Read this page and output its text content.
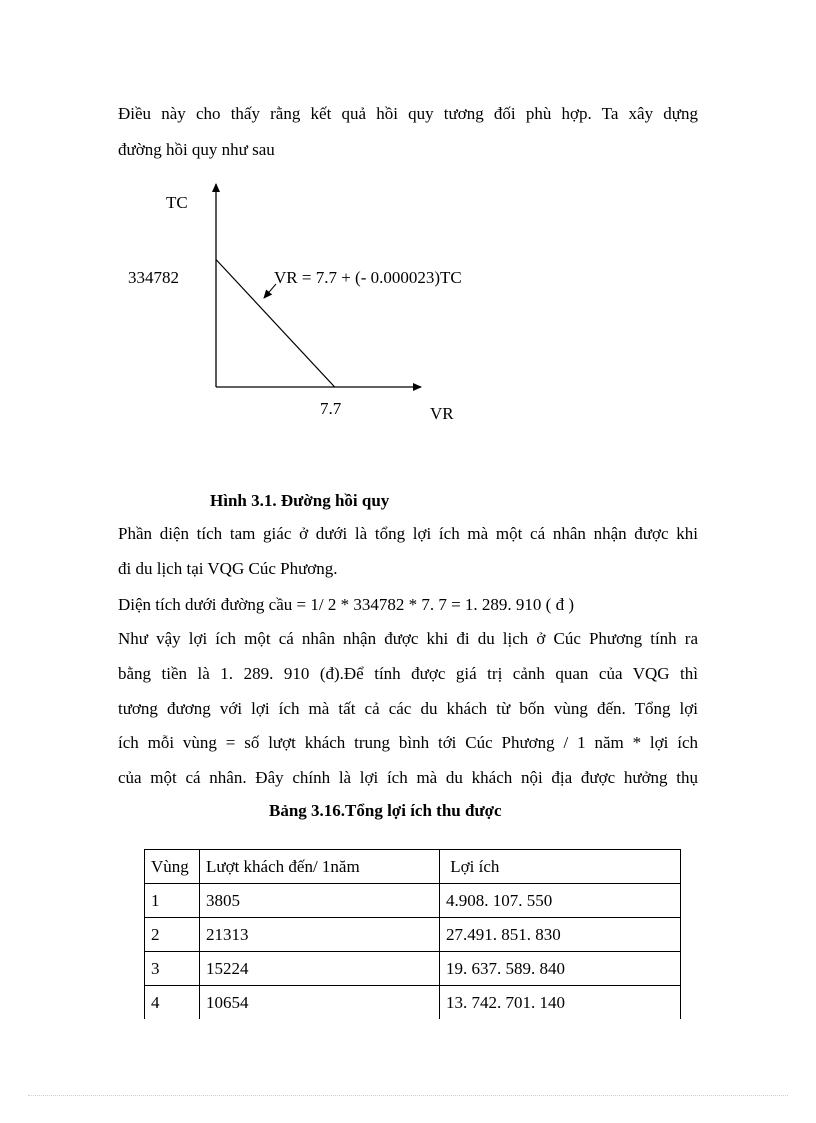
Điều này cho thấy rằng kết quả hồi quy tương đối phù hợp. Ta xây dựng
đường hồi quy như sau
TC
334782	VR = 7.7 + (- 0.000023)TC
7.7	VR
Hình 3.1. Đường hồi quy
Phần diện tích tam giác ở dưới là tổng lợi ích mà một cá nhân nhận được khi
đi du lịch tại VQG Cúc Phương.
Diện tích dưới đường cầu = 1/ 2 * 334782 * 7. 7 = 1. 289. 910 ( đ )
Như vậy lợi ích một cá nhân nhận được khi đi du lịch ở Cúc Phương tính ra
bằng tiền là 1. 289. 910 (đ).Để tính được giá trị cảnh quan của VQG thì
tương đương với lợi ích mà tất cả các du khách từ bốn vùng đến. Tổng lợi
ích mỗi vùng = số lượt khách trung bình tới Cúc Phương / 1 năm * lợi ích
của một cá nhân. Đây chính là lợi ích mà du khách nội địa được hưởng thụ
Bảng 3.16.Tổng lợi ích thu được
Vùng	Lượt khách đến/ 1năm	Lợi ích
1	3805	4.908. 107. 550
2	21313	27.491. 851. 830
3	15224	19. 637. 589. 840
4	10654	13. 742. 701. 140
